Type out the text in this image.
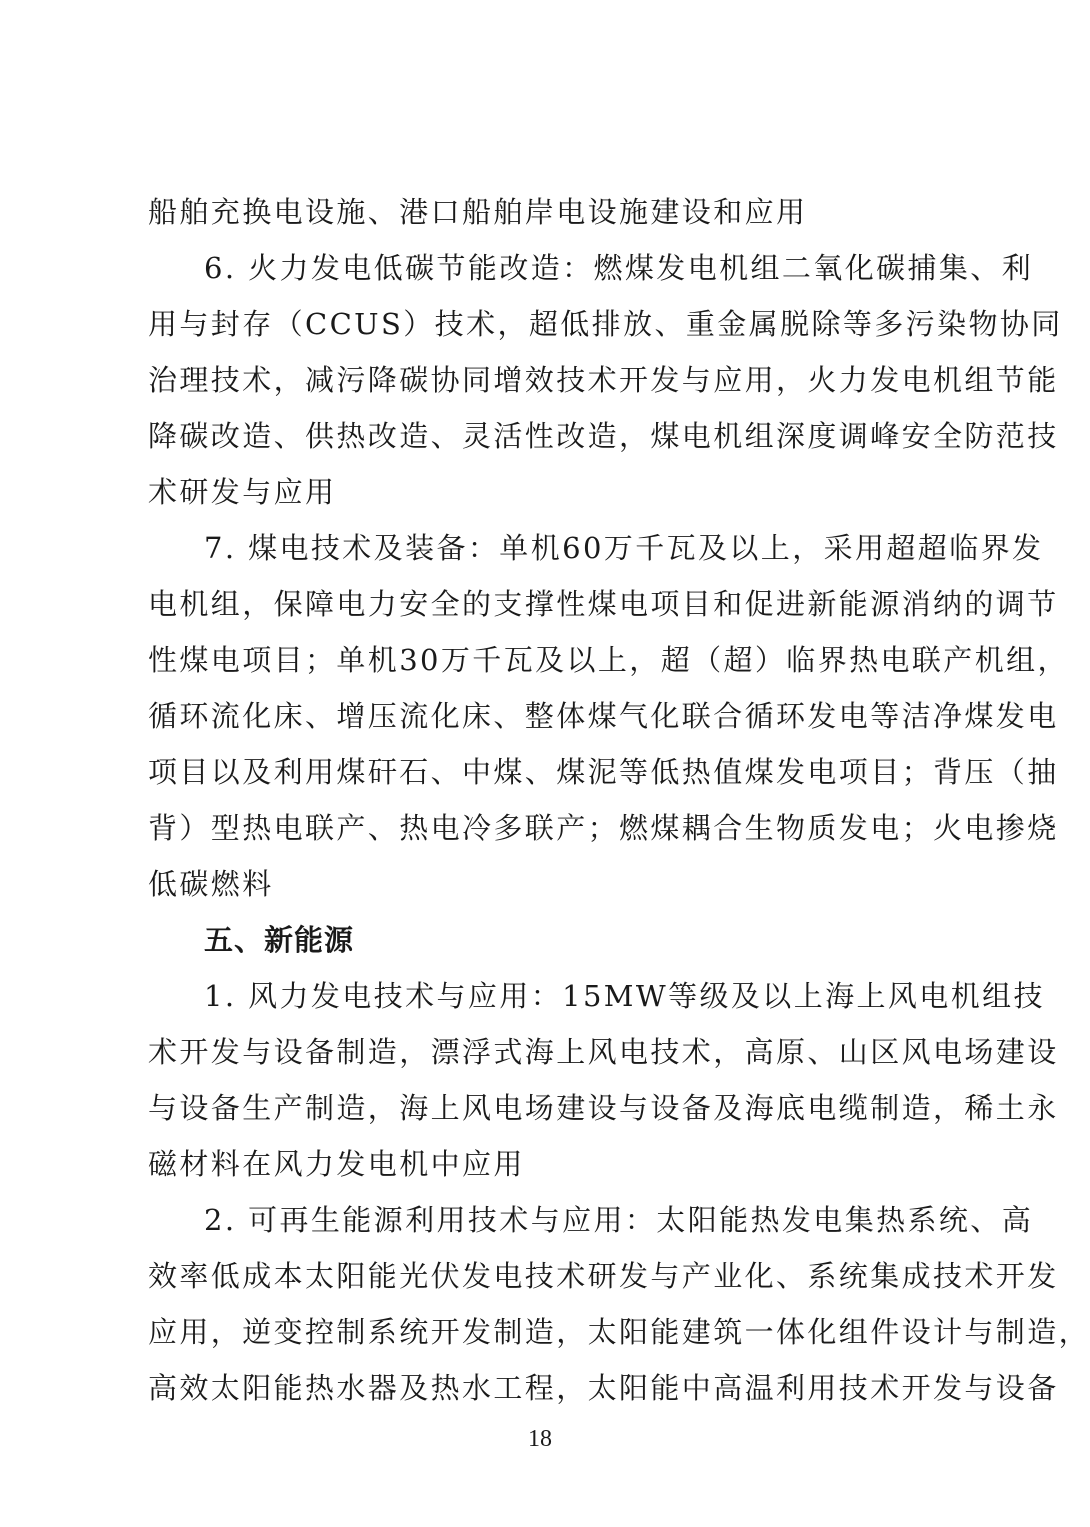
船舶充换电设施、港口船舶岸电设施建设和应用
6. 火力发电低碳节能改造：燃煤发电机组二氧化碳捕集、利
用与封存（CCUS）技术，超低排放、重金属脱除等多污染物协同
治理技术，减污降碳协同增效技术开发与应用，火力发电机组节能
降碳改造、供热改造、灵活性改造，煤电机组深度调峰安全防范技
术研发与应用
7. 煤电技术及装备：单机60万千瓦及以上，采用超超临界发
电机组，保障电力安全的支撑性煤电项目和促进新能源消纳的调节
性煤电项目；单机30万千瓦及以上，超（超）临界热电联产机组，
循环流化床、增压流化床、整体煤气化联合循环发电等洁净煤发电
项目以及利用煤矸石、中煤、煤泥等低热值煤发电项目；背压（抽
背）型热电联产、热电冷多联产；燃煤耦合生物质发电；火电掺烧
低碳燃料
五、新能源
1. 风力发电技术与应用：15MW等级及以上海上风电机组技
术开发与设备制造，漂浮式海上风电技术，高原、山区风电场建设
与设备生产制造，海上风电场建设与设备及海底电缆制造，稀土永
磁材料在风力发电机中应用
2. 可再生能源利用技术与应用：太阳能热发电集热系统、高
效率低成本太阳能光伏发电技术研发与产业化、系统集成技术开发
应用，逆变控制系统开发制造，太阳能建筑一体化组件设计与制造，
高效太阳能热水器及热水工程，太阳能中高温利用技术开发与设备
18
